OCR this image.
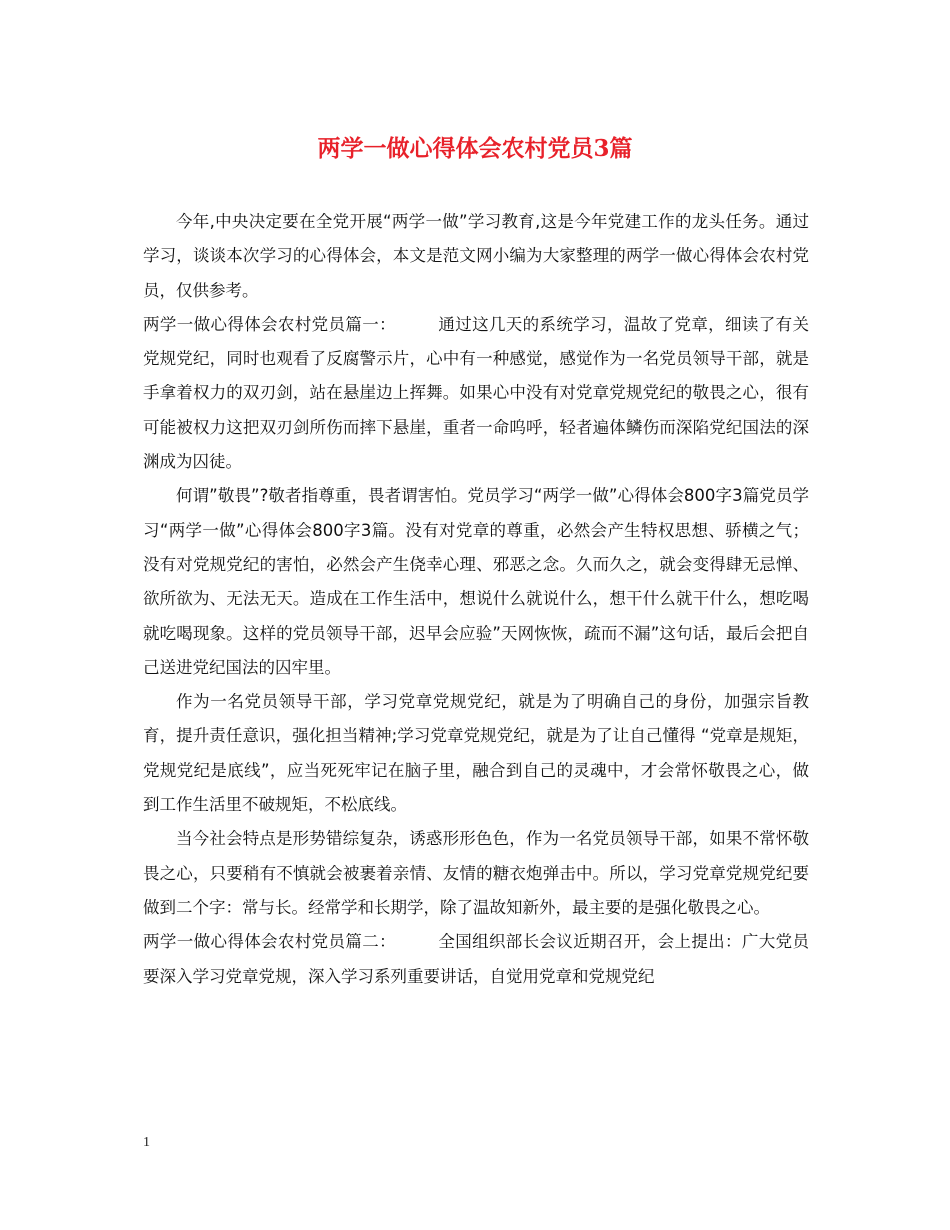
两学一做心得体会农村党员3篇

今年,中央决定要在全党开展“两学一做”学习教育,这是今年党建工作的龙头任务。通过学习，谈谈本次学习的心得体会，本文是范文网小编为大家整理的两学一做心得体会农村党员，仅供参考。

两学一做心得体会农村党员篇一：	通过这几天的系统学习，温故了党章，细读了有关党规党纪，同时也观看了反腐警示片，心中有一种感觉，感觉作为一名党员领导干部，就是手拿着权力的双刃剑，站在悬崖边上挥舞。如果心中没有对党章党规党纪的敬畏之心，很有可能被权力这把双刃剑所伤而摔下悬崖，重者一命呜呼，轻者遍体鳞伤而深陷党纪国法的深渊成为囚徒。

何谓”敬畏”?敬者指尊重，畏者谓害怕。党员学习“两学一做”心得体会800字3篇党员学习“两学一做”心得体会800字3篇。没有对党章的尊重，必然会产生特权思想、骄横之气；没有对党规党纪的害怕，必然会产生侥幸心理、邪恶之念。久而久之，就会变得肆无忌惮、欲所欲为、无法无天。造成在工作生活中，想说什么就说什么，想干什么就干什么，想吃喝就吃喝现象。这样的党员领导干部，迟早会应验”天网恢恢，疏而不漏”这句话，最后会把自己送进党纪国法的囚牢里。

作为一名党员领导干部，学习党章党规党纪，就是为了明确自己的身份，加强宗旨教育，提升责任意识，强化担当精神;学习党章党规党纪，就是为了让自己懂得 “党章是规矩，党规党纪是底线”，应当死死牢记在脑子里，融合到自己的灵魂中，才会常怀敬畏之心，做到工作生活里不破规矩，不松底线。

当今社会特点是形势错综复杂，诱惑形形色色，作为一名党员领导干部，如果不常怀敬畏之心，只要稍有不慎就会被裹着亲情、友情的糖衣炮弹击中。所以，学习党章党规党纪要做到二个字：常与长。经常学和长期学，除了温故知新外，最主要的是强化敬畏之心。

两学一做心得体会农村党员篇二：	全国组织部长会议近期召开，会上提出：广大党员要深入学习党章党规，深入学习系列重要讲话，自觉用党章和党规党纪

1
